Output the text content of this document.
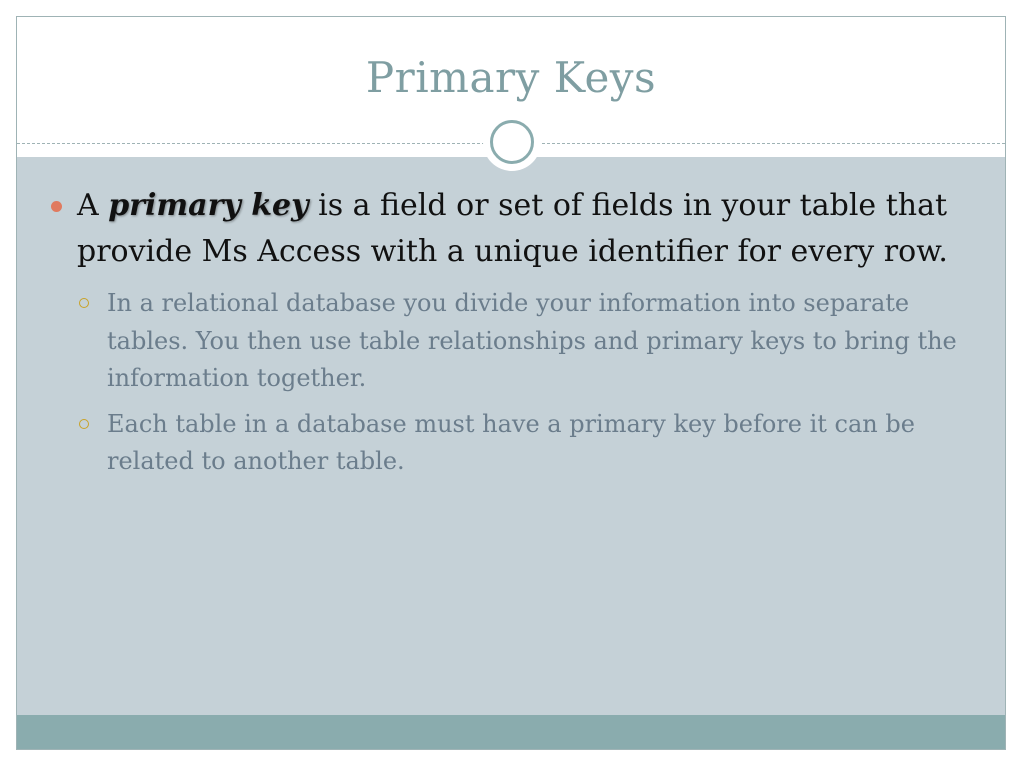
Primary Keys
A primary key is a field or set of fields in your table that provide Ms Access with a unique identifier for every row.
In a relational database you divide your information into separate tables. You then use table relationships and primary keys to bring the information together.
Each table in a database must have a primary key before it can be related to another table.
